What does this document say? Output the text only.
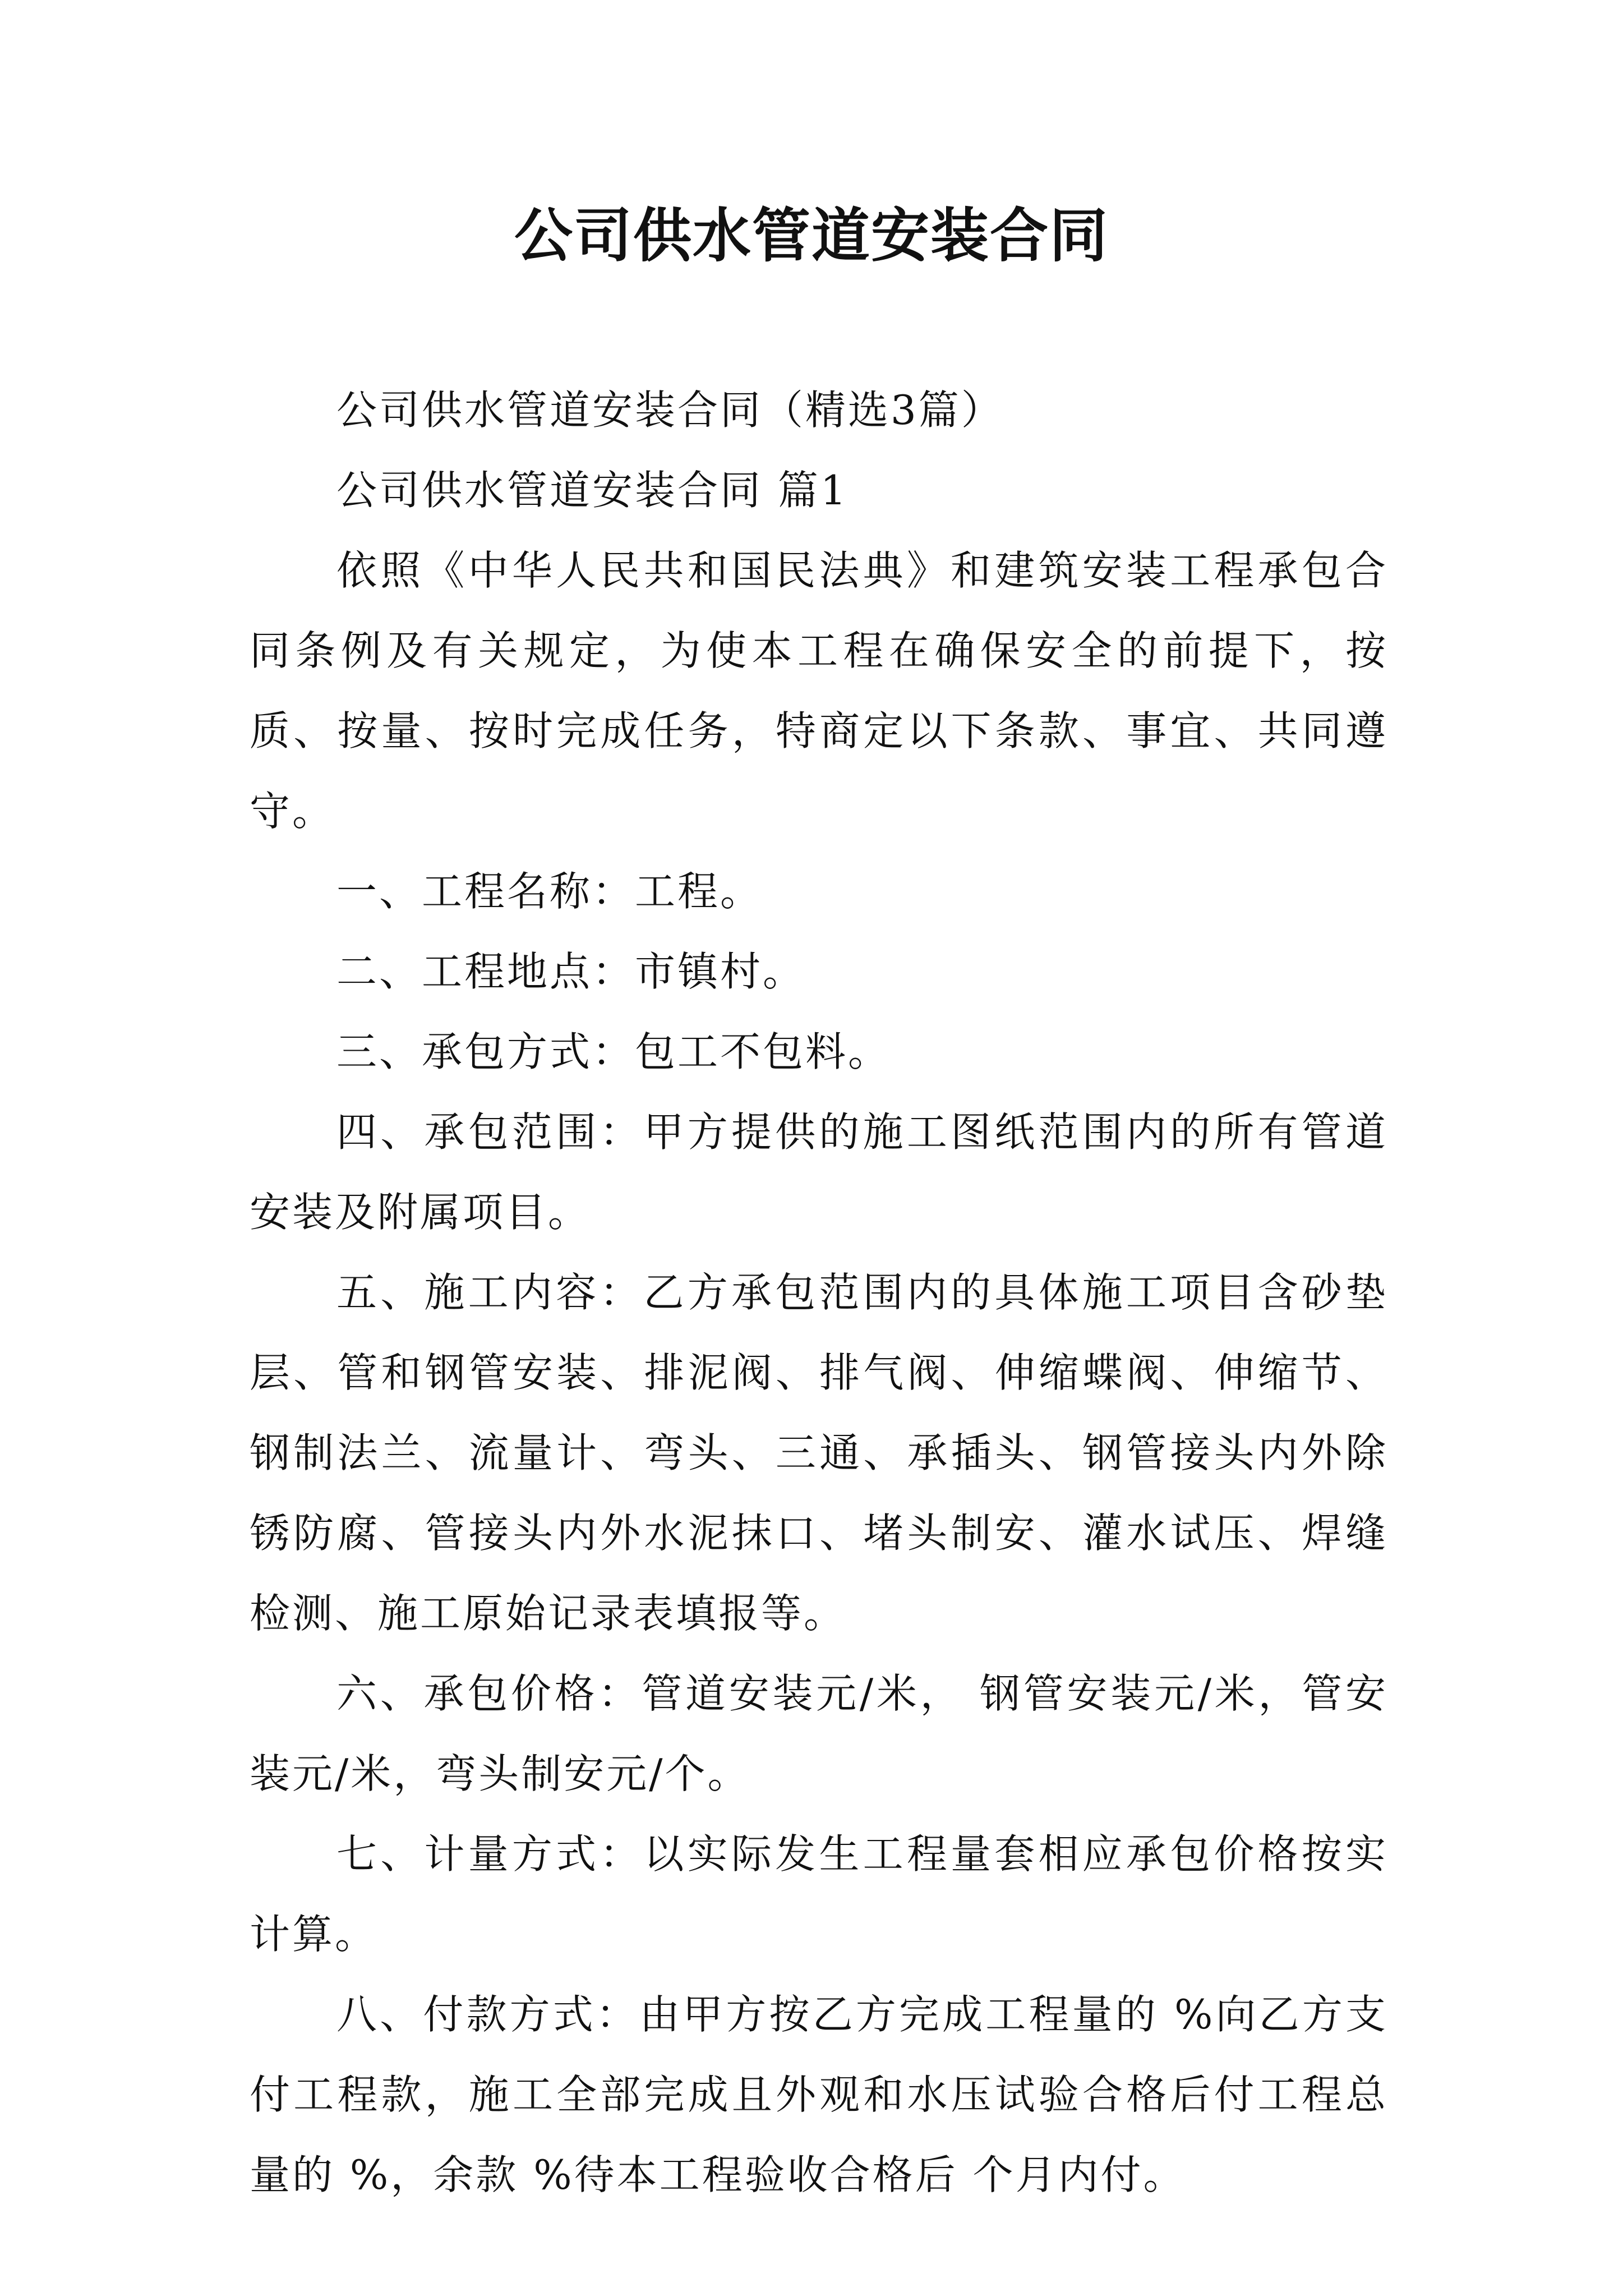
公司供水管道安装合同

公司供水管道安装合同（精选3篇）

公司供水管道安装合同 篇1

依照《中华人民共和国民法典》和建筑安装工程承包合同条例及有关规定，为使本工程在确保安全的前提下，按质、按量、按时完成任务，特商定以下条款、事宜、共同遵守。

一、工程名称：工程。

二、工程地点：市镇村。

三、承包方式：包工不包料。

四、承包范围：甲方提供的施工图纸范围内的所有管道安装及附属项目。

五、施工内容：乙方承包范围内的具体施工项目含砂垫层、管和钢管安装、排泥阀、排气阀、伸缩蝶阀、伸缩节、钢制法兰、流量计、弯头、三通、承插头、钢管接头内外除锈防腐、管接头内外水泥抹口、堵头制安、灌水试压、焊缝检测、施工原始记录表填报等。

六、承包价格：管道安装元/米， 钢管安装元/米，管安装元/米，弯头制安元/个。

七、计量方式：以实际发生工程量套相应承包价格按实计算。

八、付款方式：由甲方按乙方完成工程量的 %向乙方支付工程款，施工全部完成且外观和水压试验合格后付工程总量的 %，余款 %待本工程验收合格后 个月内付。
